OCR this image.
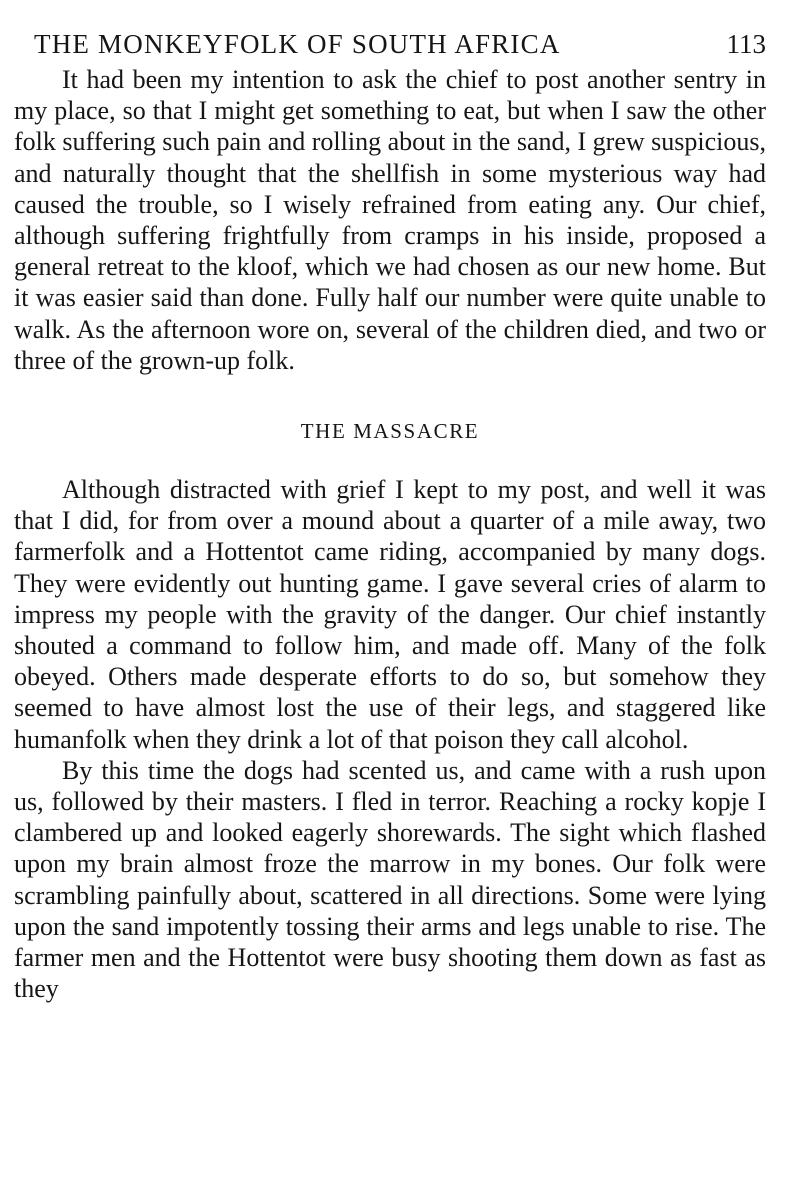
THE MONKEYFOLK OF SOUTH AFRICA	113

It had been my intention to ask the chief to post another sentry in my place, so that I might get something to eat, but when I saw the other folk suffering such pain and rolling about in the sand, I grew suspicious, and naturally thought that the shellfish in some mysterious way had caused the trouble, so I wisely refrained from eating any. Our chief, although suffering frightfully from cramps in his inside, proposed a general retreat to the kloof, which we had chosen as our new home. But it was easier said than done. Fully half our number were quite unable to walk. As the afternoon wore on, several of the children died, and two or three of the grown-up folk.

THE MASSACRE

Although distracted with grief I kept to my post, and well it was that I did, for from over a mound about a quarter of a mile away, two farmerfolk and a Hottentot came riding, accompanied by many dogs. They were evidently out hunting game. I gave several cries of alarm to impress my people with the gravity of the danger. Our chief instantly shouted a command to follow him, and made off. Many of the folk obeyed. Others made desperate efforts to do so, but somehow they seemed to have almost lost the use of their legs, and staggered like humanfolk when they drink a lot of that poison they call alcohol.

By this time the dogs had scented us, and came with a rush upon us, followed by their masters. I fled in terror. Reaching a rocky kopje I clambered up and looked eagerly shorewards. The sight which flashed upon my brain almost froze the marrow in my bones. Our folk were scrambling painfully about, scattered in all directions. Some were lying upon the sand impotently tossing their arms and legs unable to rise. The farmer men and the Hottentot were busy shooting them down as fast as they
